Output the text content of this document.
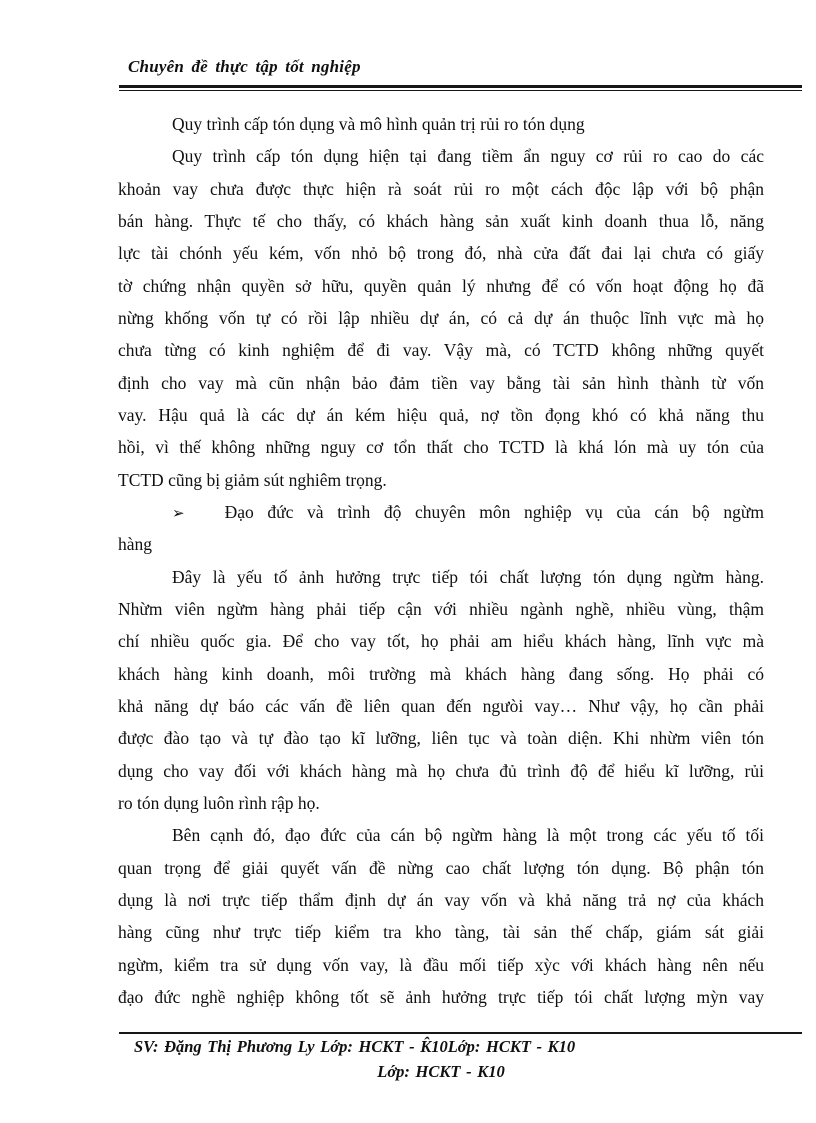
Chuyên đề thực tập tốt nghiệp
Quy trình cấp tón dụng và mô hình quản trị rủi ro tón dụng
Quy trình cấp tón dụng hiện tại đang tiềm ẩn nguy cơ rủi ro cao do các
khoản vay chưa được thực hiện rà soát rủi ro một cách độc lập với bộ phận
bán hàng. Thực tế cho thấy, có khách hàng sản xuất kinh doanh thua lỗ, năng
lực tài chónh yếu kém, vốn nhỏ bộ trong đó, nhà cửa đất đai lại chưa có giấy
tờ chứng nhận quyền sở hữu, quyền quản lý nhưng để có vốn hoạt động họ đã
nừng khống vốn tự có rồi lập nhiều dự án, có cả dự án thuộc lĩnh vực mà họ
chưa từng có kinh nghiệm để đi vay. Vậy mà, có TCTD không những quyết
định cho vay mà cũn nhận bảo đảm tiền vay bằng tài sản hình thành từ vốn
vay. Hậu quả là các dự án kém hiệu quả, nợ tồn đọng khó có khả năng thu
hồi, vì thế không những nguy cơ tổn thất cho TCTD là khá lón mà uy tón của
TCTD cũng bị giảm sút nghiêm trọng.
➢ Đạo đức và trình độ chuyên môn nghiệp vụ của cán bộ ngừm
hàng
Đây là yếu tố ảnh hưởng trực tiếp tói chất lượng tón dụng ngừm hàng.
Nhừm viên ngừm hàng phải tiếp cận với nhiều ngành nghề, nhiều vùng, thậm
chí nhiều quốc gia. Để cho vay tốt, họ phải am hiểu khách hàng, lĩnh vực mà
khách hàng kinh doanh, môi trường mà khách hàng đang sống. Họ phải có
khả năng dự báo các vấn đề liên quan đến ngưòi vay… Như vậy, họ cần phải
được đào tạo và tự đào tạo kĩ lưỡng, liên tục và toàn diện. Khi nhừm viên tón
dụng cho vay đối với khách hàng mà họ chưa đủ trình độ để hiểu kĩ lưỡng, rủi
ro tón dụng luôn rình rập họ.
Bên cạnh đó, đạo đức của cán bộ ngừm hàng là một trong các yếu tố tối
quan trọng để giải quyết vấn đề nừng cao chất lượng tón dụng. Bộ phận tón
dụng là nơi trực tiếp thẩm định dự án vay vốn và khả năng trả nợ của khách
hàng cũng như trực tiếp kiểm tra kho tàng, tài sản thế chấp, giám sát giải
ngừm, kiểm tra sử dụng vốn vay, là đầu mối tiếp xỳc với khách hàng nên nếu
đạo đức nghề nghiệp không tốt sẽ ảnh hưởng trực tiếp tói chất lượng mỳn vay
SV: Đặng Thị Phương Ly Lớp: HCKT - K̂10Lớp: HCKT - K10
Lớp: HCKT - K10
